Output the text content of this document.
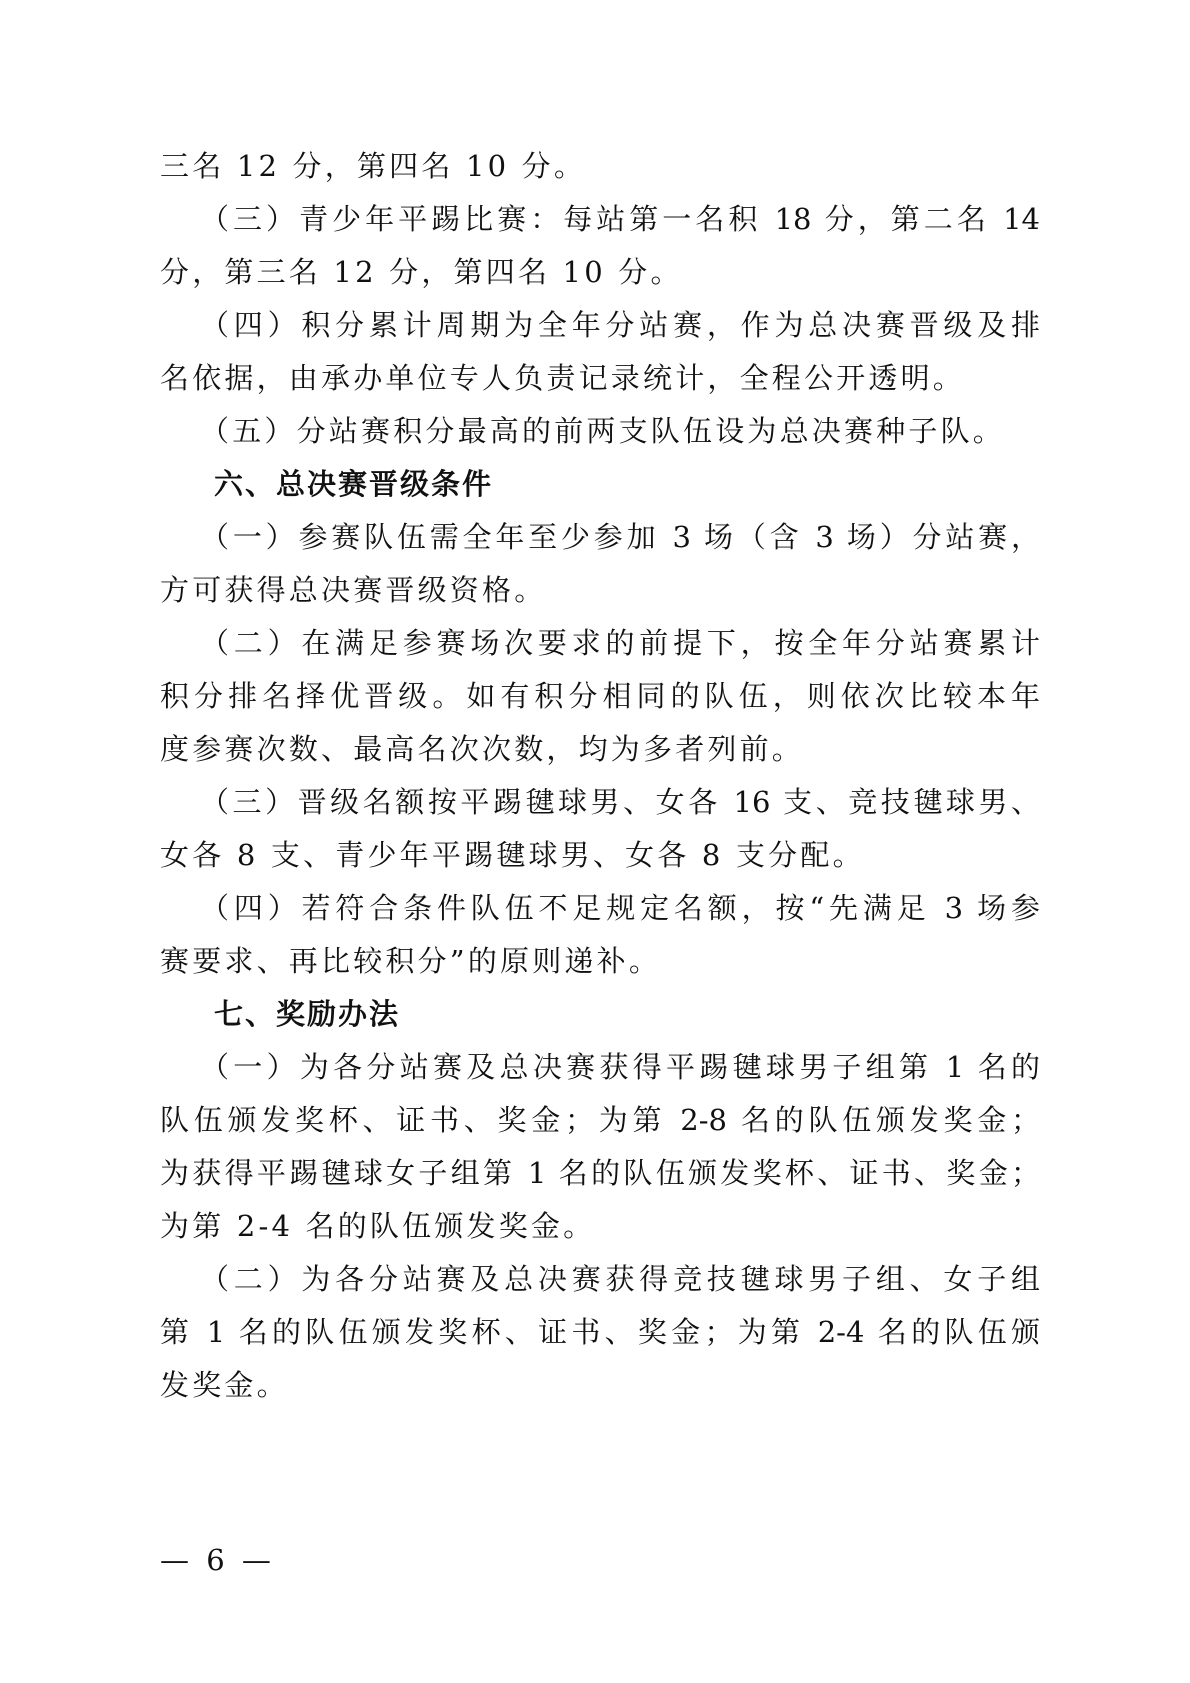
三名 12 分，第四名 10 分。
（三）青少年平踢比赛：每站第一名积 18 分，第二名 14
分，第三名 12 分，第四名 10 分。
（四）积分累计周期为全年分站赛，作为总决赛晋级及排
名依据，由承办单位专人负责记录统计，全程公开透明。
（五）分站赛积分最高的前两支队伍设为总决赛种子队。
六、总决赛晋级条件
（一）参赛队伍需全年至少参加 3 场（含 3 场）分站赛，
方可获得总决赛晋级资格。
（二）在满足参赛场次要求的前提下，按全年分站赛累计
积分排名择优晋级。如有积分相同的队伍，则依次比较本年
度参赛次数、最高名次次数，均为多者列前。
（三）晋级名额按平踢毽球男、女各 16 支、竞技毽球男、
女各 8 支、青少年平踢毽球男、女各 8 支分配。
（四）若符合条件队伍不足规定名额，按“先满足 3 场参
赛要求、再比较积分”的原则递补。
七、奖励办法
（一）为各分站赛及总决赛获得平踢毽球男子组第 1 名的
队伍颁发奖杯、证书、奖金；为第 2-8 名的队伍颁发奖金；
为获得平踢毽球女子组第 1 名的队伍颁发奖杯、证书、奖金；
为第 2-4 名的队伍颁发奖金。
（二）为各分站赛及总决赛获得竞技毽球男子组、女子组
第 1 名的队伍颁发奖杯、证书、奖金；为第 2-4 名的队伍颁
发奖金。
— 6 —
